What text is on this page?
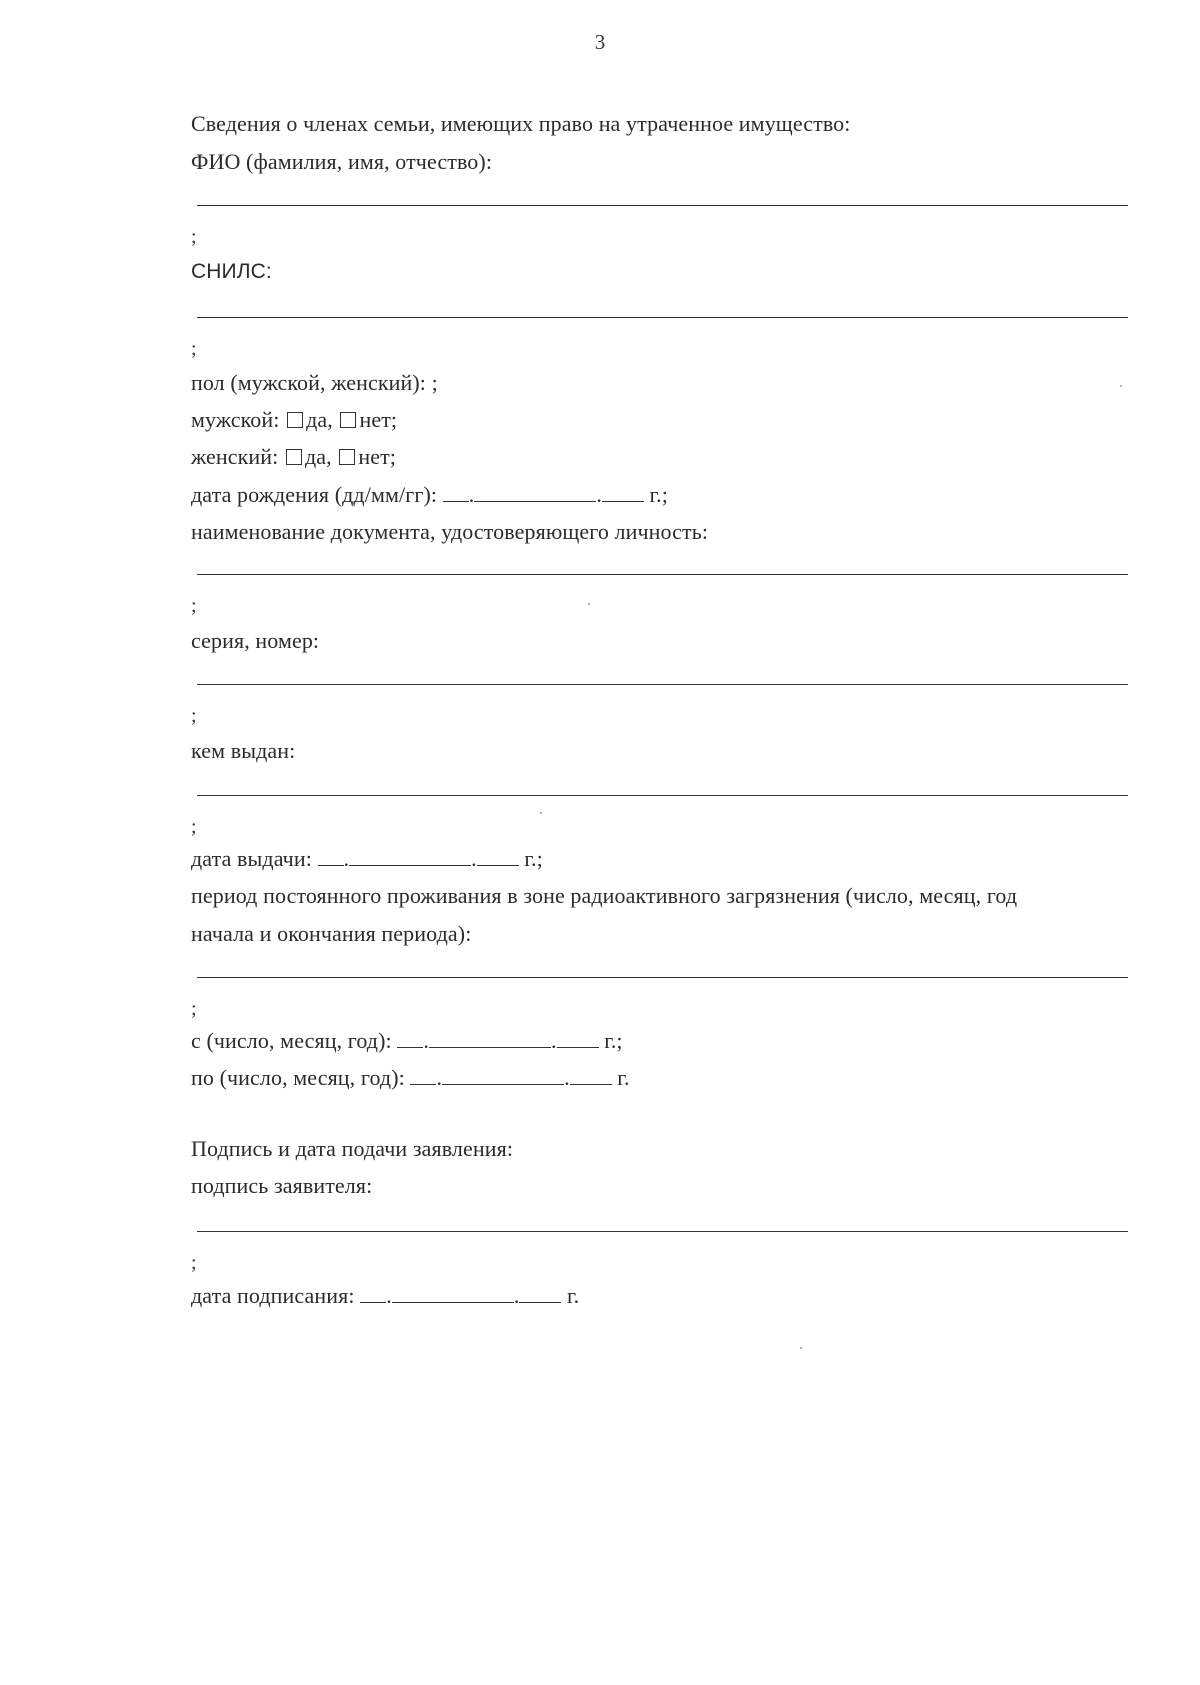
3
Сведения о членах семьи, имеющих право на утраченное имущество:
ФИО (фамилия, имя, отчество):
;
СНИЛС:
;
пол (мужской, женский): ;
мужской: да, нет;
женский: да, нет;
дата рождения (дд/мм/гг): .	. г.;
наименование документа, удостоверяющего личность:
;
серия, номер:
;
кем выдан:
;
дата выдачи: .	. г.;
период постоянного проживания в зоне радиоактивного загрязнения (число, месяц, год
начала и окончания периода):
;
с (число, месяц, год): .	. г.;
по (число, месяц, год): .	. г.
Подпись и дата подачи заявления:
подпись заявителя:
;
дата подписания: .	. г.
